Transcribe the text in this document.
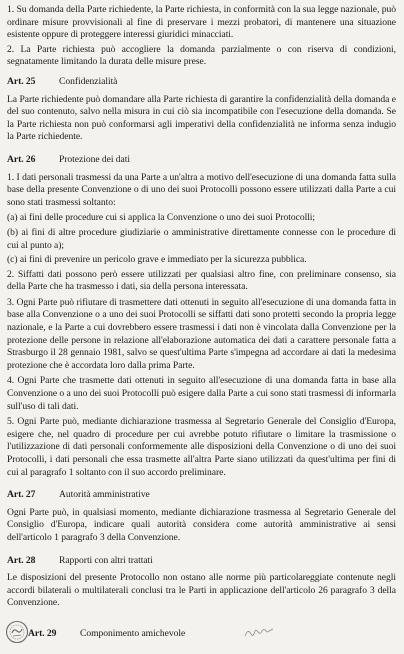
1. Su domanda della Parte richiedente, la Parte richiesta, in conformità con la sua legge nazionale, può ordinare misure provvisionali al fine di preservare i mezzi probatori, di mantenere una situazione esistente oppure di proteggere interessi giuridici minacciati.

2. La Parte richiesta può accogliere la domanda parzialmente o con riserva di condizioni, segnatamente limitando la durata delle misure prese.

Art. 25 Confidenzialità

La Parte richiedente può domandare alla Parte richiesta di garantire la confidenzialità della domanda e del suo contenuto, salvo nella misura in cui ciò sia incompatibile con l'esecuzione della domanda. Se la Parte richiesta non può conformarsi agli imperativi della confidenzialità ne informa senza indugio la Parte richiedente.

Art. 26 Protezione dei dati

1. I dati personali trasmessi da una Parte a un'altra a motivo dell'esecuzione di una domanda fatta sulla base della presente Convenzione o di uno dei suoi Protocolli possono essere utilizzati dalla Parte a cui sono stati trasmessi soltanto:

(a) ai fini delle procedure cui si applica la Convenzione o uno dei suoi Protocolli;

(b) ai fini di altre procedure giudiziarie o amministrative direttamente connesse con le procedure di cui al punto a);

(c) ai fini di prevenire un pericolo grave e immediato per la sicurezza pubblica.

2. Siffatti dati possono però essere utilizzati per qualsiasi altro fine, con preliminare consenso, sia della Parte che ha trasmesso i dati, sia della persona interessata.

3. Ogni Parte può rifiutare di trasmettere dati ottenuti in seguito all'esecuzione di una domanda fatta in base alla Convenzione o a uno dei suoi Protocolli se siffatti dati sono protetti secondo la propria legge nazionale, e la Parte a cui dovrebbero essere trasmessi i dati non è vincolata dalla Convenzione per la protezione delle persone in relazione all'elaborazione automatica dei dati a carattere personale fatta a Strasburgo il 28 gennaio 1981, salvo se quest'ultima Parte s'impegna ad accordare ai dati la medesima protezione che è accordata loro dalla prima Parte.

4. Ogni Parte che trasmette dati ottenuti in seguito all'esecuzione di una domanda fatta in base alla Convenzione o a uno dei suoi Protocolli può esigere dalla Parte a cui sono stati trasmessi di informarla sull'uso di tali dati.

5. Ogni Parte può, mediante dichiarazione trasmessa al Segretario Generale del Consiglio d'Europa, esigere che, nel quadro di procedure per cui avrebbe potuto rifiutare o limitare la trasmissione o l'utilizzazione di dati personali conformemente alle disposizioni della Convenzione o di uno dei suoi Protocolli, i dati personali che essa trasmette all'altra Parte siano utilizzati da quest'ultima per fini di cui al paragrafo 1 soltanto con il suo accordo preliminare.

Art. 27 Autorità amministrative

Ogni Parte può, in qualsiasi momento, mediante dichiarazione trasmessa al Segretario Generale del Consiglio d'Europa, indicare quali autorità considera come autorità amministrative ai sensi dell'articolo 1 paragrafo 3 della Convenzione.

Art. 28 Rapporti con altri trattati

Le disposizioni del presente Protocollo non ostano alle norme più particolareggiate contenute negli accordi bilaterali o multilaterali conclusi tra le Parti in applicazione dell'articolo 26 paragrafo 3 della Convenzione.

Art. 29 Componimento amichevole
